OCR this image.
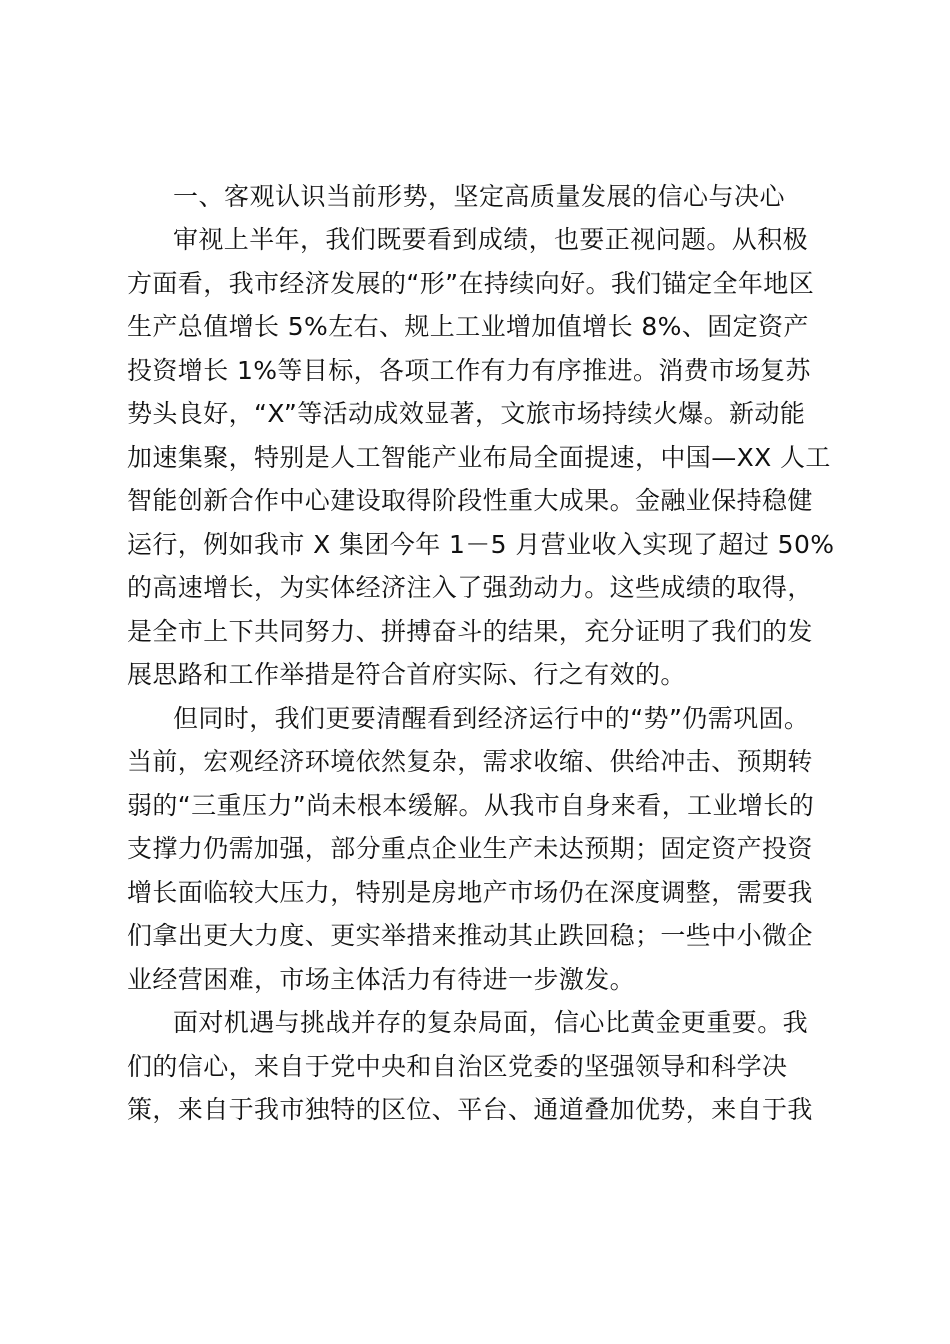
一、客观认识当前形势，坚定高质量发展的信心与决心
审视上半年，我们既要看到成绩，也要正视问题。从积极
方面看，我市经济发展的“形”在持续向好。我们锚定全年地区
生产总值增长 5%左右、规上工业增加值增长 8%、固定资产
投资增长 1%等目标，各项工作有力有序推进。消费市场复苏
势头良好，“X”等活动成效显著，文旅市场持续火爆。新动能
加速集聚，特别是人工智能产业布局全面提速，中国—XX 人工
智能创新合作中心建设取得阶段性重大成果。金融业保持稳健
运行，例如我市 X 集团今年 1－5 月营业收入实现了超过 50%
的高速增长，为实体经济注入了强劲动力。这些成绩的取得，
是全市上下共同努力、拼搏奋斗的结果，充分证明了我们的发
展思路和工作举措是符合首府实际、行之有效的。
但同时，我们更要清醒看到经济运行中的“势”仍需巩固。
当前，宏观经济环境依然复杂，需求收缩、供给冲击、预期转
弱的“三重压力”尚未根本缓解。从我市自身来看，工业增长的
支撑力仍需加强，部分重点企业生产未达预期；固定资产投资
增长面临较大压力，特别是房地产市场仍在深度调整，需要我
们拿出更大力度、更实举措来推动其止跌回稳；一些中小微企
业经营困难，市场主体活力有待进一步激发。
面对机遇与挑战并存的复杂局面，信心比黄金更重要。我
们的信心，来自于党中央和自治区党委的坚强领导和科学决
策，来自于我市独特的区位、平台、通道叠加优势，来自于我
